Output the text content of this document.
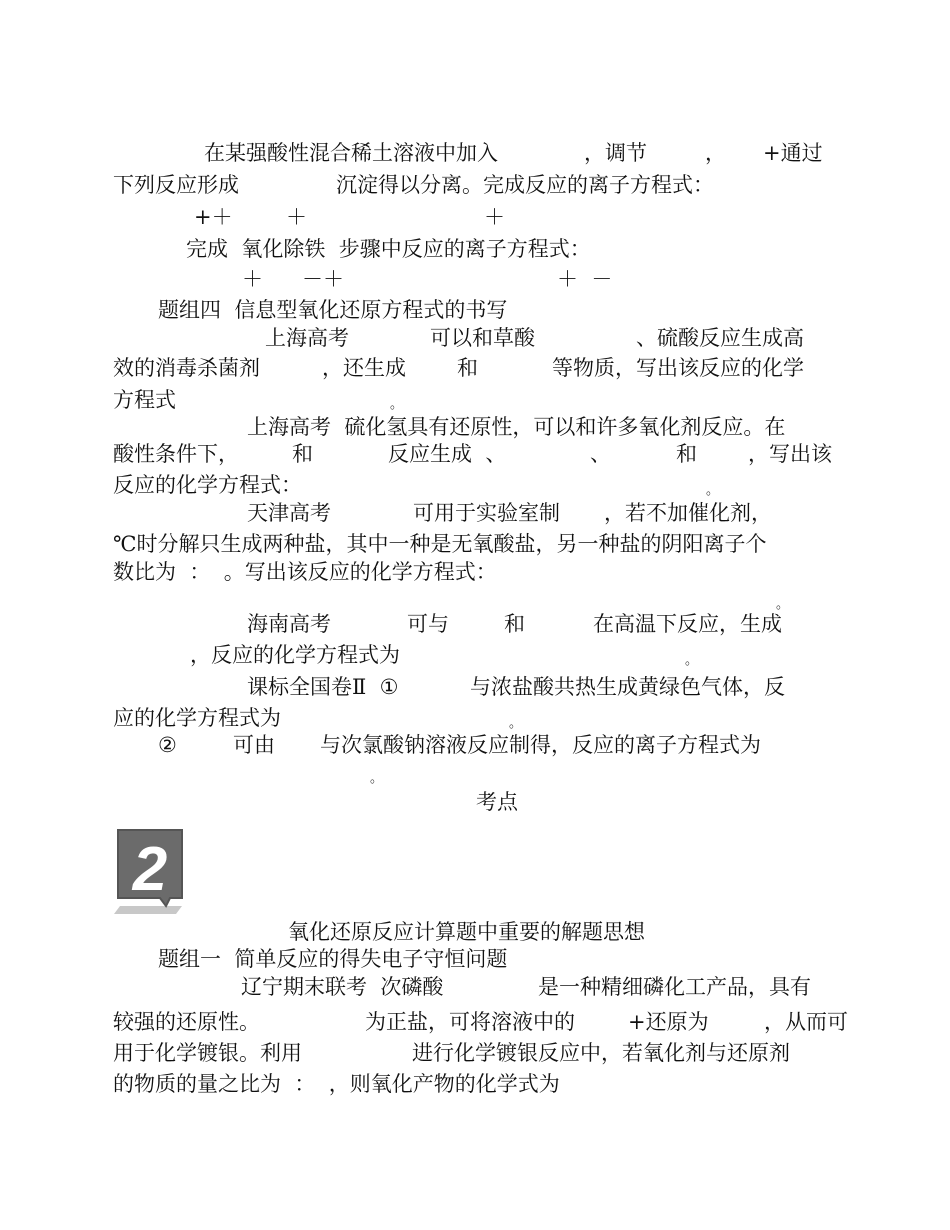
在某强酸性混合稀土溶液中加入	，调节	， +通过
下列反应形成	沉淀得以分离。完成反应的离子方程式：
+＋	＋	＋
完成  氧化除铁  步骤中反应的离子方程式：
＋ －＋	＋  －
题组四  信息型氧化还原方程式的书写
上海高考	可以和草酸	、硫酸反应生成高
效的消毒杀菌剂	，还生成 和	等物质，写出该反应的化学
方程式	。
上海高考  硫化氢具有还原性，可以和许多氧化剂反应。在
酸性条件下，	和	反应生成  、	、	和 ，写出该
反应的化学方程式：	。
天津高考	可用于实验室制 ，若不加催化剂，
℃时分解只生成两种盐，其中一种是无氧酸盐，另一种盐的阴阳离子个
数比为  ：  。写出该反应的化学方程式：
。
海南高考	可与	和	在高温下反应，生成
，反应的化学方程式为	。
课标全国卷Ⅱ  ①	与浓盐酸共热生成黄绿色气体，反
应的化学方程式为	。
②	可由 与次氯酸钠溶液反应制得，反应的离子方程式为
。
考点
2
氧化还原反应计算题中重要的解题思想
题组一  简单反应的得失电子守恒问题
辽宁期末联考  次磷酸	是一种精细磷化工产品，具有
较强的还原性。	为正盐，可将溶液中的	+还原为	，从而可
用于化学镀银。利用	进行化学镀银反应中，若氧化剂与还原剂
的物质的量之比为  ：  ，则氧化产物的化学式为
